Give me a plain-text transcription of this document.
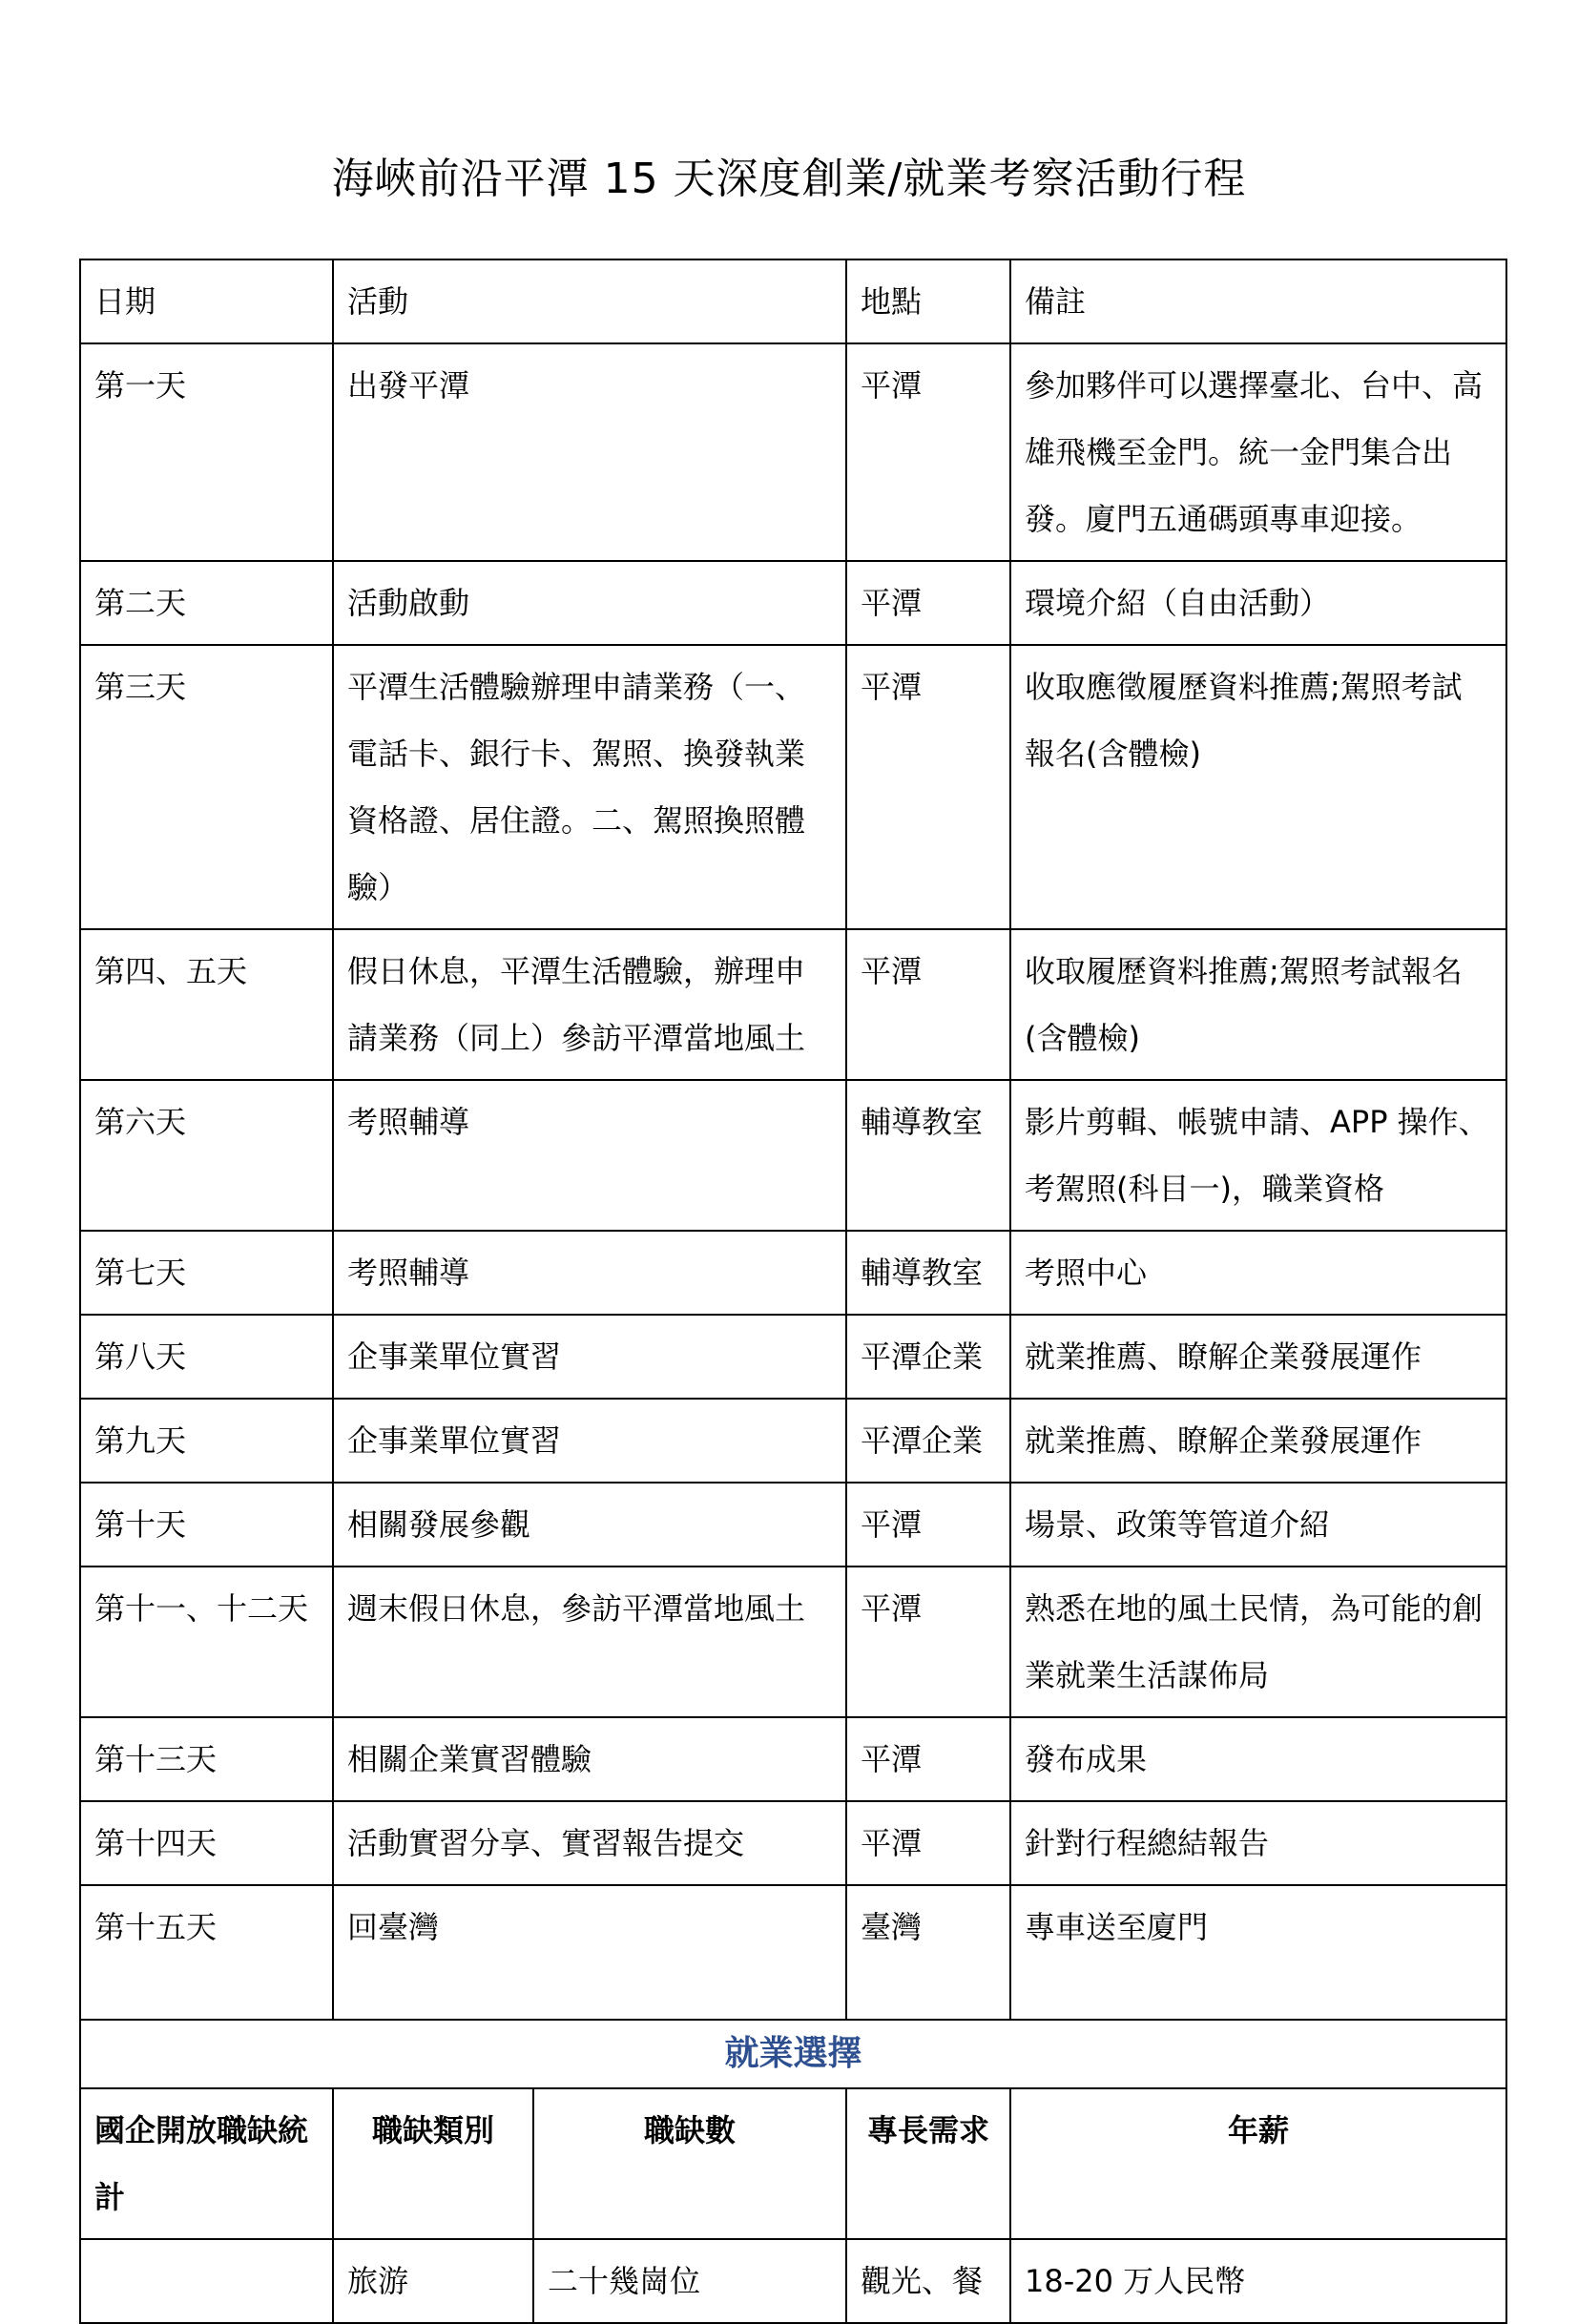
海峽前沿平潭 15 天深度創業/就業考察活動行程
日期	活動		地點	備註
第一天	出發平潭		平潭	參加夥伴可以選擇臺北、台中、高雄飛機至金門。統一金門集合出發。廈門五通碼頭專車迎接。
第二天	活動啟動		平潭	環境介紹（自由活動）
第三天	平潭生活體驗辦理申請業務（一、電話卡、銀行卡、駕照、換發執業資格證、居住證。二、駕照換照體驗）		平潭	收取應徵履歷資料推薦;駕照考試報名(含體檢)
第四、五天	假日休息，平潭生活體驗，辦理申請業務（同上）參訪平潭當地風土		平潭	收取履歷資料推薦;駕照考試報名(含體檢)
第六天	考照輔導		輔導教室	影片剪輯、帳號申請、APP 操作、考駕照(科目一)，職業資格
第七天	考照輔導		輔導教室	考照中心
第八天	企事業單位實習		平潭企業	就業推薦、瞭解企業發展運作
第九天	企事業單位實習		平潭企業	就業推薦、瞭解企業發展運作
第十天	相關發展參觀		平潭	場景、政策等管道介紹
第十一、十二天	週末假日休息，參訪平潭當地風土		平潭	熟悉在地的風土民情，為可能的創業就業生活謀佈局
第十三天	相關企業實習體驗		平潭	發布成果
第十四天	活動實習分享、實習報告提交		平潭	針對行程總結報告
第十五天	回臺灣		臺灣	專車送至廈門
就業選擇				
國企開放職缺統計	職缺類別	職缺數	專長需求	年薪
	旅游	二十幾崗位	觀光、餐	18-20 万人民幣
